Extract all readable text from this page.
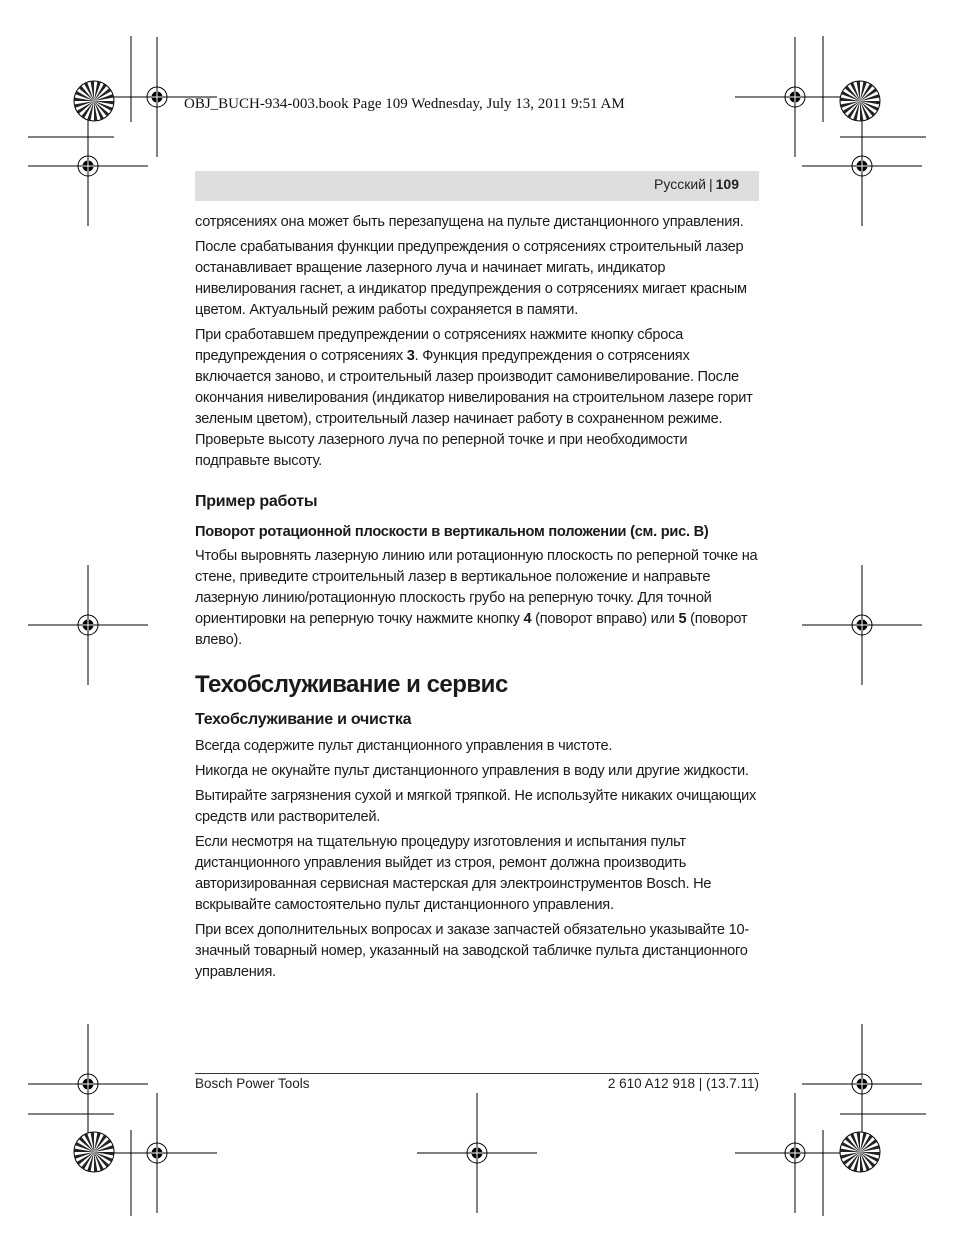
OBJ_BUCH-934-003.book Page 109 Wednesday, July 13, 2011 9:51 AM
Русский | 109

сотрясениях она может быть перезапущена на пульте дистанционного управления.

После срабатывания функции предупреждения о сотрясениях строительный лазер останавливает вращение лазерного луча и начинает мигать, индикатор нивелирования гаснет, а индикатор предупреждения о сотрясениях мигает красным цветом. Актуальный режим работы сохраняется в памяти.

При сработавшем предупреждении о сотрясениях нажмите кнопку сброса предупреждения о сотрясениях 3. Функция предупреждения о сотрясениях включается заново, и строительный лазер производит самонивелирование. После окончания нивелирования (индикатор нивелирования на строительном лазере горит зеленым цветом), строительный лазер начинает работу в сохраненном режиме. Проверьте высоту лазерного луча по реперной точке и при необходимости подправьте высоту.

Пример работы
Поворот ротационной плоскости в вертикальном положении (см. рис. B)

Чтобы выровнять лазерную линию или ротационную плоскость по реперной точке на стене, приведите строительный лазер в вертикальное положение и направьте лазерную линию/ротационную плоскость грубо на реперную точку. Для точной ориентировки на реперную точку нажмите кнопку 4 (поворот вправо) или 5 (поворот влево).

Техобслуживание и сервис
Техобслуживание и очистка

Всегда содержите пульт дистанционного управления в чистоте.

Никогда не окунайте пульт дистанционного управления в воду или другие жидкости.

Вытирайте загрязнения сухой и мягкой тряпкой. Не используйте никаких очищающих средств или растворителей.

Если несмотря на тщательную процедуру изготовления и испытания пульт дистанционного управления выйдет из строя, ремонт должна производить авторизированная сервисная мастерская для электроинструментов Bosch. Не вскрывайте самостоятельно пульт дистанционного управления.

При всех дополнительных вопросах и заказе запчастей обязательно указывайте 10-значный товарный номер, указанный на заводской табличке пульта дистанционного управления.

Bosch Power Tools	2 610 A12 918 | (13.7.11)
